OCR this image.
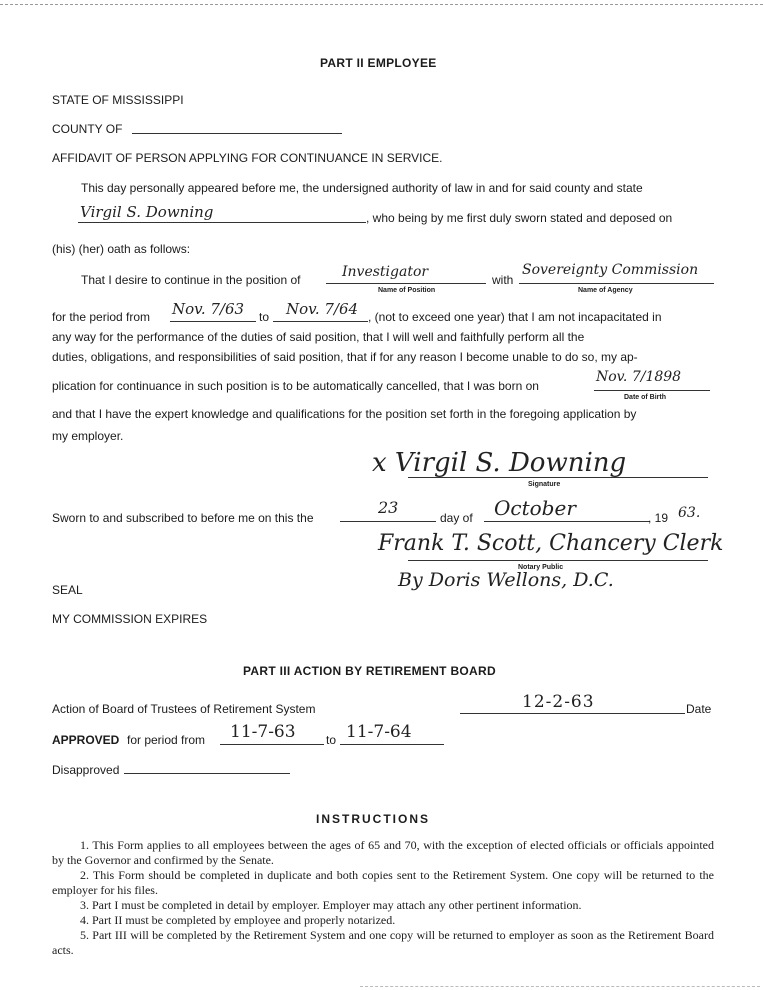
PART II EMPLOYEE
STATE OF MISSISSIPPI
COUNTY OF
AFFIDAVIT OF PERSON APPLYING FOR CONTINUANCE IN SERVICE.
This day personally appeared before me, the undersigned authority of law in and for said county and state
Virgil S. Downing	, who being by me first duly sworn stated and deposed on
(his) (her) oath as follows:
That I desire to continue in the position of	Investigator
Name of Position
with
Sovereignty Commission
Name of Agency
for the period from Nov. 7/63 to Nov. 7/64 , (not to exceed one year) that I am not incapacitated in
any way for the performance of the duties of said position, that I will well and faithfully perform all the
duties, obligations, and responsibilities of said position, that if for any reason I become unable to do so, my ap-
plication for continuance in such position is to be automatically cancelled, that I was born on
Nov. 7/1898
Date of Birth
and that I have the expert knowledge and qualifications for the position set forth in the foregoing application by
my employer.
x Virgil S. Downing
Signature
Sworn to and subscribed to before me on this the
23
day of October	, 19 63.
Frank T. Scott, Chancery Clerk
Notary Public
By Doris Wellons, D.C.
SEAL
MY COMMISSION EXPIRES
PART III ACTION BY RETIREMENT BOARD
Action of Board of Trustees of Retirement System	12-2-63	Date
APPROVED for period from 11-7-63	to 11-7-64
Disapproved
INSTRUCTIONS

1. This Form applies to all employees between the ages of 65 and 70, with the exception of elected officials or officials appointed by the Governor and confirmed by the Senate.

2. This Form should be completed in duplicate and both copies sent to the Retirement System. One copy will be returned to the employer for his files.

3. Part I must be completed in detail by employer. Employer may attach any other pertinent information.

4. Part II must be completed by employee and properly notarized.

5. Part III will be completed by the Retirement System and one copy will be returned to employer as soon as the Retirement Board acts.
